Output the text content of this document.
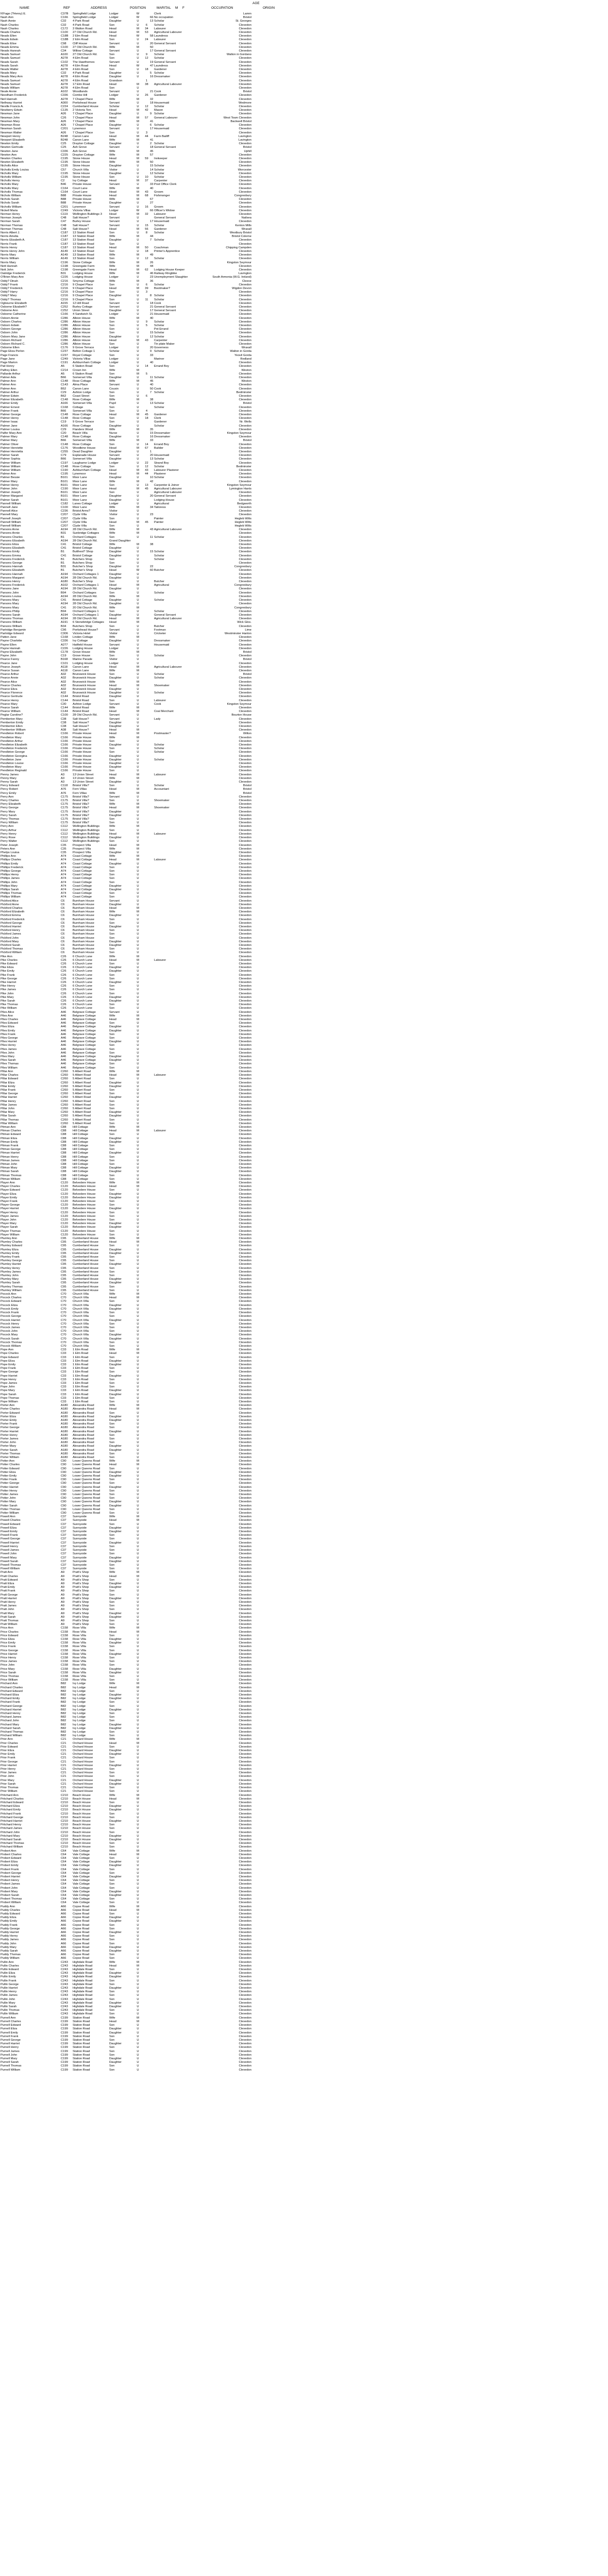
AGE
NAME	REF	ADDRESS	POSITION	MARITAL M F	OCCUPATION	ORIGIN
N'Fage (?Henry) E.	C37B	Springfield Lodge	Lodger	W			Clerk	Lamm	
Nash Ann	C166	Springfield Lodge	Lodger	W		66	No occupation	Bristol	
Nash Annie	C32	4 Park Road	Daughter	U		13	Scholar	St. Georges	
Nash Charles	C32	4 Park Road	Son	U	6		Scholar	Clevedon	
Nash Charles	C172	3 Walton Road	Head	M	34		Labourer	Clevedon	
Neads Charles	C100	27 Old Church Rd.	Head	M	53		Agricultural Labourer	Clevedon	
Neads Ellen	C18B	2 Elm Road	Head	W		58	Laundress	Clevedon	
Neads Edwin	C18B	2 Elm Road	Son	U	24		Labourer	Clevedon	
Neads Elise	C98	Cliff House	Servant	U		20	General Servant	Clevedon	
Neads Emma	C100	27 Old Church Rd.	Wife	M		50		Clevedon	
Neads Hannah	C34	Willow Cottage	Servant	U		17	General Servant	Clevedon	
Neads Samuel	A100	27 Old Church Rd.	Son	U	9		Scholar	Walton in Gordano	
Neads Samuel	A278	4 Elm Road	Son	U	12		Scholar	Clevedon	
Neads Sarah	C102	The Hawthornes	Servant	U		19	General Servant	Clevedon	
Neads Sarah	A278	4 Elm Road	Head	W		47	Laundress	Clevedon	
Neads Walter	A278	4 Elm Road	Son	U	18		Gardener	Clevedon	
Neads Mary	C32	4 Park Road	Daughter	U		5	Scholar	Clevedon	
Neads Mary Ann	A278	4 Elm Road	Daughter	U		16	Dressmaker	Clevedon	
Neads Samuel	A278	4 Elm Road	Grandson		1			Clevedon	
Neads Samuel	A278	17 Elm Road	Head	M	38		Agricultural Labourer	Clevedon	
Neads William	A278	4 Elm Road	Son	U				Clevedon	
Neale Annie	A102	Woodlands	Servant	U		21	Cook	Bristol	
Needham Frederick	C336	Combe Hill	Lodger	U	26		Gardener	Clevedon	
Neil Hannah	A278	7 Chapel Place	Wife	M		32		Clevedon	
Nethway Harriet	A300	Portishead House	Servant	U		18	Housemaid	Wedmore	
Neville Francis A.	C224	Cumberland House	Scholar	U	12		Scholar	Clevedon	
Newberry Edwin	C135	2 Victoria Terr.	Head	M	42		Mason	Clevedon	
Newman Jane	A26	7 Chapel Place	Daughter	U		9	Scholar	Clevedon	
Newman John	C26	7 Chapel Place	Head	M	57		General Labourer	West Town Clevedon	
Newman Mary	A26	7 Chapel Place	Wife	M		41		Backwell Bristol	
Newman Rose	A26	7 Chapel Place	Daughter	U		6	Scholar	Clevedon	
Newman Sarah	C201	Lynemoor	Servant	U		17	Housemaid	Clevedon	
Newman Walter	A26	7 Chapel Place	Son	U	3			Clevedon	
Newport Henry	B248	Canon Lane	Head	M	44		Farm Bailiff	Lavington	
Newport Elisabeth	B248	Canon Lane	Wife	M		41		Lavington	
Newton Emily	C25	Drayton Cottage	Daughter	U		2	Scholar	Clevedon	
Newton Gertrude	C25	Ash Grove	Servant	U		18	General Servant	Bristol	
Newton Jane	C336	Ash Grove	Wife	M		45		Uphill	
Newton Ann	C225	Drayton Cottage	Wife	M		57		Clevedon	
Newton Charles	C195	Stone House	Head	M	59		Innkeeper	Clevedon	
Newton Elizabeth	C195	Stone House	Wife	M		50		Clevedon	
Nicholls Alice	C195	Stone House	Daughter	U		15	Scholar	Clevedon	
Nicholls Emily Louisa	C57	Church Villa	Visitor	U		14	Scholar	Worcester	
Nicholls Mary	C195	Stone House	Daughter	U		12	Scholar	Clevedon	
Nicholls William	C195	Stone House	Son	U	10		Scholar	Clevedon	
Nicholls Henry	C2	Ivy Cottage	Head	M	37		Carpenter	Clevedon	
Nicholls Mary	B46	Private House	Servant	U		33	Post Office Clerk	Clevedon	
Nicholls Mary	C164	Court Lane	Wife	M		40		Clevedon	
Nicholls Thomas	C164	Court Lane	Head	M	43		Groom	Clevedon	
Nichols William	B88	Private House	Head	M	68		Fishmonger	Congresbury	
Nichols Sarah	B88	Private House	Wife	M		67		Clevedon	
Nichols Sarah	B88	Private House	Daughter	U		27		Clevedon	
Nicholls William	C201	Lynemoor	Servant	U	16		Groom	Clevedon	
Nickell Maria	C249	Victoria Villas	Lodger	W		66	Officer's Widow	Clevedon	
Norman Henry	C119	Wellington Buildings 3	Head	M	32		Labourer	Clevedon	
Norman Joseph	C48	Salt House?	Servant	U			General Servant	Nailsea	
Norman Sarah	C47	Burley House	Servant	U		17	Housemaid	Clevedon	
Norman Thomas	C48	Salt House?	Servant	U	15		Scholar	Kenton Mills	
Norman Thomas	C48	Salt House?	Head	M	56		Gardener	Wraxall	
Norris Albert J.	C187	13 Station Road	Son	U	8		Scholar	Westbury Bristol	
Norris Amelia	C187	13 Station Road	Wife	M		44		Bristol Colerne	
Norris Elizabeth A.	C187	13 Station Road	Daughter	U		7	Scholar	Clevedon	
Norris Frank	C187	13 Station Road	Son	U				Clevedon	
Norris Henry	C187	13 Station Road	Head	M	50		Coachman	Chipping Campden	
Norris Henry John	A149	13 Station Road	Son	U	18		Printer's Apprentice	Clevedon	
Norris Mary	A149	13 Station Road	Wife	M		49		Clevedon	
Norris William	A149	13 Station Road	Son	U	12		Scholar	Clevedon	
Norris Mary	C196	Stone Cottage	Wife	M		26		Kingston Seymour	
Nott Hannah	C198	Greengate Farm	Wife	M		44		Clevedon	
Nott John	C198	Greengate Farm	Head	M	62		Lodging House Keeper	Clevedon	
Oatridge Frederick	B31	Lodging House	Wife	M		46	Railway Ringbike	Lavington	
O'Brien Mary Ann	C226	Lodging House	Lodger	U		23	Unemployment Slaughter	South Armenia (W.G. Ireland)	
Oddy? Dinah	C216	Smyrna Cottage	Wife	M		36		Cleeve	
Oddy? Frank	C216	9 Chapel Place	Son	U	6		Scholar	Clevedon	
Oddy? Frederick	C216	9 Chapel Place	Head	M	39		Bootmaker?	Wigdon Devon	
Oddy? Harry	C216	9 Chapel Place	Son	U	3			Clevedon	
Oddy? Mary	C216	9 Chapel Place	Daughter	U		8	Scholar	Clevedon	
Oddy? Thomas	C216	9 Chapel Place	Son	U	11		Scholar	Clevedon	
Ogbourne Elizabeth	A155	12 Hill Road	Servant	U		18	Cook	Clevedon	
Osborne Elizabeth?	C252	Burley Cottage	Servant	U		21	General Servant	Clevedon	
Osborne Ann	C252	Union Street	Daughter	U		17	General Servant	Clevedon	
Osborne Catherine	C166	4 Sandwich St.	Lodger	U		21	Housemaid	Clevedon	
Osborn Annie	C286	Albion House	Wife	M		40		Clevedon	
Osborn Charles	C286	Albion House	Son	U	9		Scholar	Clevedon	
Osborn Edwin	C286	Albion House	Son	U	5		Scholar	Clevedon	
Osborn George	C286	Albion House	Son	U			Pot Errand	Clevedon	
Osborn John	C286	Albion House	Son	U		15	Scholar	Clevedon	
Osborn Mary Jane	C286	Albion House	Daughter	U		12	Scholar	Clevedon	
Osborn Richard	C286	Albion House	Head	M	43		Carpenter	Clevedon	
Osborn Richard C.	C286	Albion House	Son	U			Tin plate Maker	Clevedon	
Osborne Ellen	C176	9 Grove Terrace	Lodger	U		20	Governess	Wraxall	
Page Eliza Perlon	C237	Belton Cottage 1	Scholar	U		9	Scholar	Walton in Gorda	
Page Francis	C237	Royal Cottage	Son	U		33		Yeovil Gorda	
Page Jane	C249	Victoria Villas	Lodger	U			Mariner	Redland	
Page Marion	C191	Ashburnham Cottage	Lodger	U		40		Clevedon	
Pail Henry	A5	6 Station Road	Son	U	14		Errand Boy	Clevedon	
Palfrey Ellen	C214	Crown Inn	Wife	M				Weston	
Pallarde Arthur	A5	6 Station Road	Son	M	5			Clevedon	
Palmer Ada	B66	Somerset Villa	Daughter	U		11	Scholar	Clevedon	
Palmer Ann	C148	Rose Cottage	Wife	M		45		Weston	
Palmer Ann	C143	Alma Place	Servant	U		40		Clevedon	
Palmer Ann	B52	Canon Lane	Cousin	U		50	Cook	Clevedon	
Palmer Arthur	C29	Ashton Lodge	Son	U		7	Scholar	Bedminster	
Palmer Edwin	B62	Coast Street	Son	U	6			Clevedon	
Palmer Elizabeth	C148	Rose Cottage	Wife	M		38		Clevedon	
Palmer Emily	A166	Somerset Villa	Pupil	U		13	Scholar	Bristol	
Palmer Ernest	C168	Cottage	Son	U			Scholar	Clevedon	
Palmer Frank	B66	Somerset Villa	Son	U	4			Clevedon	
Palmer George	C148	Rose Cottage	Head	M	45		Gardener	Clevedon	
Palmer Henry	C148	Rose Cottage	Son	U	18		Clerk	Clevedon	
Palmer Isaac	C19	9 Grove Terrace	Son	U			Gardener	Nr. Wells	
Palmer Jane	A166	Rose Cottage	Daughter	U			Scholar	Clevedon	
Palmer Louisa	C29	Flanders Wood	Wife	M		35		Clevedon	
Palfer Mary Ann	C20	Beach Villa	Nurse	U		15	Dressmaker	Kingston Seymour	
Palmer Mary	C148	Rose Cottage	Daughter	U		16	Dressmaker	Clevedon	
Palmer Mary	B66	Somerset Villa	Wife	M		33		Bristol	
Palmer Oliver	C148	Rose Cottage	Son	U	14		Errand Boy	Clevedon	
Palmer Henriette	C176	Woodbine House	Head	M	67		Builder	Clevedon	
Palmer Henrietta	C255	Dead Daughter	Daughter	U		1		Clevedon	
Palmer Sarah	C79	Esplanade House	Servant	U		20	Housemaid	Clevedon	
Palmer Sophia	B66	Somerset Villa	Daughter	U		13	Scholar	Clevedon	
Palmer William	C197	Laugharne Lodge	Lodger	U	22		Strand Boy	Clevedon	
Palmer William	C148	Rose Cottage	Son	U	12		Scholar	Bedminster	
Palmer William	C190	Ashburnham Cottage	Head	M	43		Labourer Plasterer	Clevedon	
Palmer Ann	C195	Lynemoor	Head	M	44		Plasterer	Clevedon	
Palmer Bessie	B101	Moor Lane	Daughter	U		10	Scholar	Clevedon	
Palmer Mary	B101	Moor Lane	Wife	M		42		Clevedon	
Palmer Henry	B101	Moor Lane	Son	U	13		Carpenter & Joiner	Kingston Seymour	
Palmer John	C190	Moor Lane	Head	M	45		Agricultural Labourer	Lymington Hants	
Palmer Joseph	B101	Moor Lane	Son	U			Agricultural Labourer	Clevedon	
Palmer Margaret	B101	Moor Lane	Daughter	U		20	General Servant	Clevedon	
Palmer Sarah	B101	Moor Lane	Daughter	U			Lodging-House	Clevedon	
Pannell William	C182	Lanes Cottage	Lodger	U			Agricultural	Bedgworth	
Pannell Jane	C100	Moor Lane	Wife	M		34	Tailoress	Clevedon	
Pannell Alice	C236	Bristol Arms?	Visitor	U				Clevedon	
Pannell Mary	C207	Clyde Villa	Visitor	U		23		Clevedon	
Pannell Joseph	C207	Clyde Villa	Son	U			Painter	Hegleb Wilts	
Pannell William	C207	Clyde Villa	Head	M	45		Painter	Hegleb Wilts	
Pannell William	C207	Clyde Villa	Son	U				Hegleb Wilts	
Parsons Anne	A194	28 Old Church Rd.	Wife	M		43	Agricultural Labourer	Clevedon	
Parsons Annie	B31	Sunbridge Cottages	Wife	M				Clevedon	
Parsons Charles	B1	Orchard Cottages	Son	U		11	Scholar	Clevedon	
Parsons Elizabeth	A194	28 Old Church Rd.	Grand Daughter					Clevedon	
Parsons Eliza	C41	Bristol Cottage	Wife	M		38		Clevedon	
Parsons Elizabeth	C41	Bristol Cottage	Daughter	U				Clevedon	
Parsons Emily	B1	Butthest? Shop	Daughter	U		15	Scholar	Clevedon	
Parsons Emma	C41	Bristol Cottage	Daughter	U			Scholar	Clevedon	
Parsons Frederick	B1	Butchers Shop	Son	U			Scholar	Clevedon	
Parsons George	B1	Butchers Shop	Son	U				Clevedon	
Parsons Hannah	B31	Butcher's Shop	Daughter	U		22		Congresbury	
Parsons Elizabeth	B1	Butcher's Shop	Head	W		60	Butcher	Clevedon	
Parsons Hannah	A194	Orchard Cottages 1	Daughter	U				Clevedon	
Parsons Margaret	A194	28 Old Church Rd.	Daughter	U				Clevedon	
Parsons Henry	A180	Butcher's Shop	Son	U			Butcher	Clevedon	
Parsons Frederick	A102	Orchard Cottages 1	Head	M			Agricultural	Congresbury	
Parsons Jane	A194	28 Old Church Rd.	Daughter	U				Clevedon	
Parsons John	B94	Orchard Cottages	Son	U			Scholar	Clevedon	
Parsons Louisa	A194	28 Old Church Rd.	Wife	M				Clevedon	
Parsons Mary	C41	Bristol Cottage	Daughter	U			Scholar	Clevedon	
Parsons Mary	A194	28 Old Church Rd.	Daughter	U				Clevedon	
Parsons Mary	C41	20 Old Church Rd.	Wife	M				Congresbury	
Parsons Philip	B94	Orchard Cottages 1	Son	U			Scholar	Clevedon	
Parsons Sarah	A194	Orchard Cottages 1	Daughter	U			General Servant	Clevedon	
Parsons Thomas	A194	28 Old Church Rd.	Head	M			Agricultural Labourer	Clevedon	
Parsons William	A191	6 Stonebridge Cottages	Head	M				Wick Glos.	
Parsons William	B34	Butchers Shop	Son	U			Butcher	Clevedon	
Partridge Benjamin	C96	Portishead House?	Servant	U			Footman	Lime	
Partridge Edward	C306	Victoria Hotel	Visitor	U			Cricketer	Westminster Hanlon	
Patton Jane	C168	Linden Cottage	Wife	M				Clevedon	
Payne Charlotte	C336	Ivy Cottage	Daughter	U			Dressmaker	Clevedon	
Payne Ellen	A277	Hatfield House	Servant	U			Housemaid	Clevedon	
Payne Hannah	C226	Lodging House	Lodger	U				Clevedon	
Payne Elizabeth	C178	Grove House	Wife	M				Bristol	
Payne John	C19	Grove House	Son	U			Scholar	Clevedon	
Pearce Fanny	B168	Marine Parade	Visitor	U				Bristol	
Pearce Jane	C101	Lodging House	Lodger	U				Clevedon	
Pearce Joseph	A118	Canon Lane	Head	M			Agricultural Labourer	Clevedon	
Pearce Susan	A118	Canon Lane	Wife	M				Clevedon	
Pearce Arthur	A32	Brunswick House	Son	U			Scholar	Bristol	
Pearce Annie	A32	Brunswick House	Daughter	U			Scholar	Clevedon	
Pearce Alice	A32	Brunswick House	Wife	M				Clevedon	
Pearce Charles	A32	Brunswick House	Head	M			Shoemaker	Clevedon	
Pearce Eliza	A32	Brunswick House	Daughter	U				Clevedon	
Pearce Florence	A32	Brunswick House	Daughter	U			Scholar	Clevedon	
Pearce Gertrude	C144	Bristol Road	Daughter	U				Clevedon	
Pearce Henry	C144	Bristol Road	Son	U			Labourer	Clevedon	
Pearce Mary	C30	Ashton Lodge	Servant	U			Cook	Kingston Seymour	
Pearce Sarah	C144	Bristol Road	Wife	M				Clevedon	
Pearce William	C144	Bristol Road	Head	M			Coal Merchant	Clevedon	
Peglar Caroline?	C100	28 Old Church Rd.	Servant	U				Bourton House	
Pemberton Mary	C38	Salt House?	Servant	U			Lady	Clevedon	
Pemberton Emily	C38	Salt House?	Daughter	U				Clevedon	
Pemberton Ellen	C38	Salt House?	Daughter	U				Clevedon	
Pemberton William	A38	Salt House?	Head	M				Clevedon	
Pendleton Robert	C166	Private House	Head	M			Postmaster?	Wilton	
Pendleton Mary	C166	Private House	Wife	M				Clevedon	
Pendleton Arthur	C166	Private House	Son	U				Clevedon	
Pendleton Elizabeth	C166	Private House	Daughter	U			Scholar	Clevedon	
Pendleton Frederick	C166	Private House	Son	U			Scholar	Clevedon	
Pendleton George	C166	Private House	Son	U			Scholar	Clevedon	
Pendleton Georgina	C166	Private House	Daughter	U				Clevedon	
Pendleton Jane	C166	Private House	Daughter	U			Scholar	Clevedon	
Pendleton Louise	C166	Private House	Daughter	U				Clevedon	
Pendleton Mary	C166	Private House	Daughter	U				Clevedon	
Pendleton Reginald	C166	Private House	Son	U				Clevedon	
Penny James	A3	13 Union Street	Head	M			Labourer	Clevedon	
Penny Mary	A3	13 Union Street	Wife	M				Clevedon	
Penny Sarah	A3	13 Union Street	Daughter	U				Clevedon	
Percy Edward	C118	Bristol Villa?	Son	U			Scholar	Bristol	
Percy Robert	A76	Fern Villas	Head	M			Accountant	Bristol	
Percy Emily	A76	Fern Villas	Wife	M				Bristol	
Perry Ann	C175	Bristol Villa?	Servant	U				Clevedon	
Perry Charles	C175	Bristol Villa?	Son	U			Shoemaker	Clevedon	
Perry Elizabeth	C175	Bristol Villa?	Wife	M				Clevedon	
Perry George	C175	Bristol Villa?	Head	M			Shoemaker	Clevedon	
Perry Mary	C175	Bristol Villa?	Daughter	U				Clevedon	
Perry Sarah	C175	Bristol Villa?	Daughter	U				Clevedon	
Perry Thomas	C175	Bristol Villa?	Son	U				Clevedon	
Perry William	C175	Bristol Villa?	Son	U				Clevedon	
Perry Ann	C112	Wellington Buildings	Wife	M				Clevedon	
Perry Arthur	C112	Wellington Buildings	Son	U				Clevedon	
Perry Henry	C112	Wellington Buildings	Head	M			Labourer	Clevedon	
Perry Rose	C112	Wellington Buildings	Daughter	U				Clevedon	
Perry Walter	C112	Wellington Buildings	Son	U				Clevedon	
Peter Joseph	C35	Prospect Villa	Head	M				Clevedon	
Peters Ann	C35	Prospect Villa	Wife	M				Clevedon	
Phelps Louisa	C35	Prospect Villa	Daughter	U				Clevedon	
Phillips Ann	A74	Coast Cottage	Wife	M				Clevedon	
Phillips Charles	A74	Coast Cottage	Head	M			Labourer	Clevedon	
Phillips Emily	A74	Coast Cottage	Daughter	U				Clevedon	
Phillips Frederick	A74	Coast Cottage	Son	U				Clevedon	
Phillips George	A74	Coast Cottage	Son	U				Clevedon	
Phillips Henry	A74	Coast Cottage	Son	U				Clevedon	
Phillips James	A74	Coast Cottage	Son	U				Clevedon	
Phillips John	A74	Coast Cottage	Son	U				Clevedon	
Phillips Mary	A74	Coast Cottage	Daughter	U				Clevedon	
Phillips Sarah	A74	Coast Cottage	Daughter	U				Clevedon	
Phillips Thomas	A74	Coast Cottage	Son	U				Clevedon	
Phillips William	A74	Coast Cottage	Son	U				Clevedon	
Pickford Alice	C6	Burnham House	Servant	U				Clevedon	
Pickford Anne	C6	Burnham House	Daughter	U				Clevedon	
Pickford Charles	C6	Burnham House	Head	M				Clevedon	
Pickford Elizabeth	C6	Burnham House	Wife	M				Clevedon	
Pickford Emma	C6	Burnham House	Daughter	U				Clevedon	
Pickford Frederick	C6	Burnham House	Son	U				Clevedon	
Pickford George	C6	Burnham House	Son	U				Clevedon	
Pickford Harriet	C6	Burnham House	Daughter	U				Clevedon	
Pickford Henry	C6	Burnham House	Son	U				Clevedon	
Pickford James	C6	Burnham House	Son	U				Clevedon	
Pickford John	C6	Burnham House	Son	U				Clevedon	
Pickford Mary	C6	Burnham House	Daughter	U				Clevedon	
Pickford Sarah	C6	Burnham House	Daughter	U				Clevedon	
Pickford Thomas	C6	Burnham House	Son	U				Clevedon	
Pickford William	C6	Burnham House	Son	U				Clevedon	
Pike Ann	C26	6 Church Lane	Wife	M				Clevedon	
Pike Charles	C26	6 Church Lane	Head	M			Labourer	Clevedon	
Pike Edward	C26	6 Church Lane	Son	U				Clevedon	
Pike Eliza	C26	6 Church Lane	Daughter	U				Clevedon	
Pike Emily	C26	6 Church Lane	Daughter	U				Clevedon	
Pike Frank	C26	6 Church Lane	Son	U				Clevedon	
Pike George	C26	6 Church Lane	Son	U				Clevedon	
Pike Harriet	C26	6 Church Lane	Daughter	U				Clevedon	
Pike Henry	C26	6 Church Lane	Son	U				Clevedon	
Pike James	C26	6 Church Lane	Son	U				Clevedon	
Pike John	C26	6 Church Lane	Son	U				Clevedon	
Pike Mary	C26	6 Church Lane	Daughter	U				Clevedon	
Pike Sarah	C26	6 Church Lane	Daughter	U				Clevedon	
Pike Thomas	C26	6 Church Lane	Son	U				Clevedon	
Pike William	C26	6 Church Lane	Son	U				Clevedon	
Piles Alice	A46	Belgrave Cottage	Servant	U				Clevedon	
Piles Ann	A46	Belgrave Cottage	Wife	M				Clevedon	
Piles Charles	A46	Belgrave Cottage	Head	M				Clevedon	
Piles Edward	A46	Belgrave Cottage	Son	U				Clevedon	
Piles Eliza	A46	Belgrave Cottage	Daughter	U				Clevedon	
Piles Emily	A46	Belgrave Cottage	Daughter	U				Clevedon	
Piles Frank	A46	Belgrave Cottage	Son	U				Clevedon	
Piles George	A46	Belgrave Cottage	Son	U				Clevedon	
Piles Harriet	A46	Belgrave Cottage	Daughter	U				Clevedon	
Piles Henry	A46	Belgrave Cottage	Son	U				Clevedon	
Piles James	A46	Belgrave Cottage	Son	U				Clevedon	
Piles John	A46	Belgrave Cottage	Son	U				Clevedon	
Piles Mary	A46	Belgrave Cottage	Daughter	U				Clevedon	
Piles Sarah	A46	Belgrave Cottage	Daughter	U				Clevedon	
Piles Thomas	A46	Belgrave Cottage	Son	U				Clevedon	
Piles William	A46	Belgrave Cottage	Son	U				Clevedon	
Pillar Ann	C260	5 Albert Road	Wife	M				Clevedon	
Pillar Charles	C260	5 Albert Road	Head	M			Labourer	Clevedon	
Pillar Edward	C260	5 Albert Road	Son	U				Clevedon	
Pillar Eliza	C260	5 Albert Road	Daughter	U				Clevedon	
Pillar Emily	C260	5 Albert Road	Daughter	U				Clevedon	
Pillar Frank	C260	5 Albert Road	Son	U				Clevedon	
Pillar George	C260	5 Albert Road	Son	U				Clevedon	
Pillar Harriet	C260	5 Albert Road	Daughter	U				Clevedon	
Pillar Henry	C260	5 Albert Road	Son	U				Clevedon	
Pillar James	C260	5 Albert Road	Son	U				Clevedon	
Pillar John	C260	5 Albert Road	Son	U				Clevedon	
Pillar Mary	C260	5 Albert Road	Daughter	U				Clevedon	
Pillar Sarah	C260	5 Albert Road	Daughter	U				Clevedon	
Pillar Thomas	C260	5 Albert Road	Son	U				Clevedon	
Pillar William	C260	5 Albert Road	Son	U				Clevedon	
Pitman Ann	C88	Hill Cottage	Wife	M				Clevedon	
Pitman Charles	C88	Hill Cottage	Head	M			Labourer	Clevedon	
Pitman Edward	C88	Hill Cottage	Son	U				Clevedon	
Pitman Eliza	C88	Hill Cottage	Daughter	U				Clevedon	
Pitman Emily	C88	Hill Cottage	Daughter	U				Clevedon	
Pitman Frank	C88	Hill Cottage	Son	U				Clevedon	
Pitman George	C88	Hill Cottage	Son	U				Clevedon	
Pitman Harriet	C88	Hill Cottage	Daughter	U				Clevedon	
Pitman Henry	C88	Hill Cottage	Son	U				Clevedon	
Pitman James	C88	Hill Cottage	Son	U				Clevedon	
Pitman John	C88	Hill Cottage	Son	U				Clevedon	
Pitman Mary	C88	Hill Cottage	Daughter	U				Clevedon	
Pitman Sarah	C88	Hill Cottage	Daughter	U				Clevedon	
Pitman Thomas	C88	Hill Cottage	Son	U				Clevedon	
Pitman William	C88	Hill Cottage	Son	U				Clevedon	
Player Ann	C120	Belvedere House	Wife	M				Clevedon	
Player Charles	C120	Belvedere House	Head	M				Clevedon	
Player Edward	C120	Belvedere House	Son	U				Clevedon	
Player Eliza	C120	Belvedere House	Daughter	U				Clevedon	
Player Emily	C120	Belvedere House	Daughter	U				Clevedon	
Player Frank	C120	Belvedere House	Son	U				Clevedon	
Player George	C120	Belvedere House	Son	U				Clevedon	
Player Harriet	C120	Belvedere House	Daughter	U				Clevedon	
Player Henry	C120	Belvedere House	Son	U				Clevedon	
Player James	C120	Belvedere House	Son	U				Clevedon	
Player John	C120	Belvedere House	Son	U				Clevedon	
Player Mary	C120	Belvedere House	Daughter	U				Clevedon	
Player Sarah	C120	Belvedere House	Daughter	U				Clevedon	
Player Thomas	C120	Belvedere House	Son	U				Clevedon	
Player William	C120	Belvedere House	Son	U				Clevedon	
Plumley Ann	C95	Cumberland House	Wife	M				Clevedon	
Plumley Charles	C95	Cumberland House	Head	M				Clevedon	
Plumley Edward	C95	Cumberland House	Son	U				Clevedon	
Plumley Eliza	C95	Cumberland House	Daughter	U				Clevedon	
Plumley Emily	C95	Cumberland House	Daughter	U				Clevedon	
Plumley Frank	C95	Cumberland House	Son	U				Clevedon	
Plumley George	C95	Cumberland House	Son	U				Clevedon	
Plumley Harriet	C95	Cumberland House	Daughter	U				Clevedon	
Plumley Henry	C95	Cumberland House	Son	U				Clevedon	
Plumley James	C95	Cumberland House	Son	U				Clevedon	
Plumley John	C95	Cumberland House	Son	U				Clevedon	
Plumley Mary	C95	Cumberland House	Daughter	U				Clevedon	
Plumley Sarah	C95	Cumberland House	Daughter	U				Clevedon	
Plumley Thomas	C95	Cumberland House	Son	U				Clevedon	
Plumley William	C95	Cumberland House	Son	U				Clevedon	
Pocock Ann	C70	Church Villa	Wife	M				Clevedon	
Pocock Charles	C70	Church Villa	Head	M				Clevedon	
Pocock Edward	C70	Church Villa	Son	U				Clevedon	
Pocock Eliza	C70	Church Villa	Daughter	U				Clevedon	
Pocock Emily	C70	Church Villa	Daughter	U				Clevedon	
Pocock Frank	C70	Church Villa	Son	U				Clevedon	
Pocock George	C70	Church Villa	Son	U				Clevedon	
Pocock Harriet	C70	Church Villa	Daughter	U				Clevedon	
Pocock Henry	C70	Church Villa	Son	U				Clevedon	
Pocock James	C70	Church Villa	Son	U				Clevedon	
Pocock John	C70	Church Villa	Son	U				Clevedon	
Pocock Mary	C70	Church Villa	Daughter	U				Clevedon	
Pocock Sarah	C70	Church Villa	Daughter	U				Clevedon	
Pocock Thomas	C70	Church Villa	Son	U				Clevedon	
Pocock William	C70	Church Villa	Son	U				Clevedon	
Pope Ann	C33	1 Elm Road	Wife	M				Clevedon	
Pope Charles	C33	1 Elm Road	Head	M				Clevedon	
Pope Edward	C33	1 Elm Road	Son	U				Clevedon	
Pope Eliza	C33	1 Elm Road	Daughter	U				Clevedon	
Pope Emily	C33	1 Elm Road	Daughter	U				Clevedon	
Pope Frank	C33	1 Elm Road	Son	U				Clevedon	
Pope George	C33	1 Elm Road	Son	U				Clevedon	
Pope Harriet	C33	1 Elm Road	Daughter	U				Clevedon	
Pope Henry	C33	1 Elm Road	Son	U				Clevedon	
Pope James	C33	1 Elm Road	Son	U				Clevedon	
Pope John	C33	1 Elm Road	Son	U				Clevedon	
Pope Mary	C33	1 Elm Road	Daughter	U				Clevedon	
Pope Sarah	C33	1 Elm Road	Daughter	U				Clevedon	
Pope Thomas	C33	1 Elm Road	Son	U				Clevedon	
Pope William	C33	1 Elm Road	Son	U				Clevedon	
Porter Ann	A180	Alexandra Road	Wife	M				Clevedon	
Porter Charles	A180	Alexandra Road	Head	M				Clevedon	
Porter Edward	A180	Alexandra Road	Son	U				Clevedon	
Porter Eliza	A180	Alexandra Road	Daughter	U				Clevedon	
Porter Emily	A180	Alexandra Road	Daughter	U				Clevedon	
Porter Frank	A180	Alexandra Road	Son	U				Clevedon	
Porter George	A180	Alexandra Road	Son	U				Clevedon	
Porter Harriet	A180	Alexandra Road	Daughter	U				Clevedon	
Porter Henry	A180	Alexandra Road	Son	U				Clevedon	
Porter James	A180	Alexandra Road	Son	U				Clevedon	
Porter John	A180	Alexandra Road	Son	U				Clevedon	
Porter Mary	A180	Alexandra Road	Daughter	U				Clevedon	
Porter Sarah	A180	Alexandra Road	Daughter	U				Clevedon	
Porter Thomas	A180	Alexandra Road	Son	U				Clevedon	
Porter William	A180	Alexandra Road	Son	U				Clevedon	
Potter Ann	C90	Lower Queens Road	Wife	M				Clevedon	
Potter Charles	C90	Lower Queens Road	Head	M				Clevedon	
Potter Edward	C90	Lower Queens Road	Son	U				Clevedon	
Potter Eliza	C90	Lower Queens Road	Daughter	U				Clevedon	
Potter Emily	C90	Lower Queens Road	Daughter	U				Clevedon	
Potter Frank	C90	Lower Queens Road	Son	U				Clevedon	
Potter George	C90	Lower Queens Road	Son	U				Clevedon	
Potter Harriet	C90	Lower Queens Road	Daughter	U				Clevedon	
Potter Henry	C90	Lower Queens Road	Son	U				Clevedon	
Potter James	C90	Lower Queens Road	Son	U				Clevedon	
Potter John	C90	Lower Queens Road	Son	U				Clevedon	
Potter Mary	C90	Lower Queens Road	Daughter	U				Clevedon	
Potter Sarah	C90	Lower Queens Road	Daughter	U				Clevedon	
Potter Thomas	C90	Lower Queens Road	Son	U				Clevedon	
Potter William	C90	Lower Queens Road	Son	U				Clevedon	
Powell Ann	C37	Sunnyside	Wife	M				Clevedon	
Powell Charles	C37	Sunnyside	Head	M				Clevedon	
Powell Edward	C37	Sunnyside	Son	U				Clevedon	
Powell Eliza	C37	Sunnyside	Daughter	U				Clevedon	
Powell Emily	C37	Sunnyside	Daughter	U				Clevedon	
Powell Frank	C37	Sunnyside	Son	U				Clevedon	
Powell George	C37	Sunnyside	Son	U				Clevedon	
Powell Harriet	C37	Sunnyside	Daughter	U				Clevedon	
Powell Henry	C37	Sunnyside	Son	U				Clevedon	
Powell James	C37	Sunnyside	Son	U				Clevedon	
Powell John	C37	Sunnyside	Son	U				Clevedon	
Powell Mary	C37	Sunnyside	Daughter	U				Clevedon	
Powell Sarah	C37	Sunnyside	Daughter	U				Clevedon	
Powell Thomas	C37	Sunnyside	Son	U				Clevedon	
Powell William	C37	Sunnyside	Son	U				Clevedon	
Pratt Ann	A9	Pratt's Shop	Wife	M				Clevedon	
Pratt Charles	A9	Pratt's Shop	Head	M				Clevedon	
Pratt Edward	A9	Pratt's Shop	Son	U				Clevedon	
Pratt Eliza	A9	Pratt's Shop	Daughter	U				Clevedon	
Pratt Emily	A9	Pratt's Shop	Daughter	U				Clevedon	
Pratt Frank	A9	Pratt's Shop	Son	U				Clevedon	
Pratt George	A9	Pratt's Shop	Son	U				Clevedon	
Pratt Harriet	A9	Pratt's Shop	Daughter	U				Clevedon	
Pratt Henry	A9	Pratt's Shop	Son	U				Clevedon	
Pratt James	A9	Pratt's Shop	Son	U				Clevedon	
Pratt John	A9	Pratt's Shop	Son	U				Clevedon	
Pratt Mary	A9	Pratt's Shop	Daughter	U				Clevedon	
Pratt Sarah	A9	Pratt's Shop	Daughter	U				Clevedon	
Pratt Thomas	A9	Pratt's Shop	Son	U				Clevedon	
Pratt William	A9	Pratt's Shop	Son	U				Clevedon	
Price Ann	C158	Rose Villa	Wife	M				Clevedon	
Price Charles	C158	Rose Villa	Head	M				Clevedon	
Price Edward	C158	Rose Villa	Son	U				Clevedon	
Price Eliza	C158	Rose Villa	Daughter	U				Clevedon	
Price Emily	C158	Rose Villa	Daughter	U				Clevedon	
Price Frank	C158	Rose Villa	Son	U				Clevedon	
Price George	C158	Rose Villa	Son	U				Clevedon	
Price Harriet	C158	Rose Villa	Daughter	U				Clevedon	
Price Henry	C158	Rose Villa	Son	U				Clevedon	
Price James	C158	Rose Villa	Son	U				Clevedon	
Price John	C158	Rose Villa	Son	U				Clevedon	
Price Mary	C158	Rose Villa	Daughter	U				Clevedon	
Price Sarah	C158	Rose Villa	Daughter	U				Clevedon	
Price Thomas	C158	Rose Villa	Son	U				Clevedon	
Price William	C158	Rose Villa	Son	U				Clevedon	
Prichard Ann	B82	Ivy Lodge	Wife	M				Clevedon	
Prichard Charles	B82	Ivy Lodge	Head	M				Clevedon	
Prichard Edward	B82	Ivy Lodge	Son	U				Clevedon	
Prichard Eliza	B82	Ivy Lodge	Daughter	U				Clevedon	
Prichard Emily	B82	Ivy Lodge	Daughter	U				Clevedon	
Prichard Frank	B82	Ivy Lodge	Son	U				Clevedon	
Prichard George	B82	Ivy Lodge	Son	U				Clevedon	
Prichard Harriet	B82	Ivy Lodge	Daughter	U				Clevedon	
Prichard Henry	B82	Ivy Lodge	Son	U				Clevedon	
Prichard James	B82	Ivy Lodge	Son	U				Clevedon	
Prichard John	B82	Ivy Lodge	Son	U				Clevedon	
Prichard Mary	B82	Ivy Lodge	Daughter	U				Clevedon	
Prichard Sarah	B82	Ivy Lodge	Daughter	U				Clevedon	
Prichard Thomas	B82	Ivy Lodge	Son	U				Clevedon	
Prichard William	B82	Ivy Lodge	Son	U				Clevedon	
Prior Ann	C21	Orchard House	Wife	M				Clevedon	
Prior Charles	C21	Orchard House	Head	M				Clevedon	
Prior Edward	C21	Orchard House	Son	U				Clevedon	
Prior Eliza	C21	Orchard House	Daughter	U				Clevedon	
Prior Emily	C21	Orchard House	Daughter	U				Clevedon	
Prior Frank	C21	Orchard House	Son	U				Clevedon	
Prior George	C21	Orchard House	Son	U				Clevedon	
Prior Harriet	C21	Orchard House	Daughter	U				Clevedon	
Prior Henry	C21	Orchard House	Son	U				Clevedon	
Prior James	C21	Orchard House	Son	U				Clevedon	
Prior John	C21	Orchard House	Son	U				Clevedon	
Prior Mary	C21	Orchard House	Daughter	U				Clevedon	
Prior Sarah	C21	Orchard House	Daughter	U				Clevedon	
Prior Thomas	C21	Orchard House	Son	U				Clevedon	
Prior William	C21	Orchard House	Son	U				Clevedon	
Pritchard Ann	C210	Beach House	Wife	M				Clevedon	
Pritchard Charles	C210	Beach House	Head	M				Clevedon	
Pritchard Edward	C210	Beach House	Son	U				Clevedon	
Pritchard Eliza	C210	Beach House	Daughter	U				Clevedon	
Pritchard Emily	C210	Beach House	Daughter	U				Clevedon	
Pritchard Frank	C210	Beach House	Son	U				Clevedon	
Pritchard George	C210	Beach House	Son	U				Clevedon	
Pritchard Harriet	C210	Beach House	Daughter	U				Clevedon	
Pritchard Henry	C210	Beach House	Son	U				Clevedon	
Pritchard James	C210	Beach House	Son	U				Clevedon	
Pritchard John	C210	Beach House	Son	U				Clevedon	
Pritchard Mary	C210	Beach House	Daughter	U				Clevedon	
Pritchard Sarah	C210	Beach House	Daughter	U				Clevedon	
Pritchard Thomas	C210	Beach House	Son	U				Clevedon	
Pritchard William	C210	Beach House	Son	U				Clevedon	
Probert Ann	C64	Vale Cottage	Wife	M				Clevedon	
Probert Charles	C64	Vale Cottage	Head	M				Clevedon	
Probert Edward	C64	Vale Cottage	Son	U				Clevedon	
Probert Eliza	C64	Vale Cottage	Daughter	U				Clevedon	
Probert Emily	C64	Vale Cottage	Daughter	U				Clevedon	
Probert Frank	C64	Vale Cottage	Son	U				Clevedon	
Probert George	C64	Vale Cottage	Son	U				Clevedon	
Probert Harriet	C64	Vale Cottage	Daughter	U				Clevedon	
Probert Henry	C64	Vale Cottage	Son	U				Clevedon	
Probert James	C64	Vale Cottage	Son	U				Clevedon	
Probert John	C64	Vale Cottage	Son	U				Clevedon	
Probert Mary	C64	Vale Cottage	Daughter	U				Clevedon	
Probert Sarah	C64	Vale Cottage	Daughter	U				Clevedon	
Probert Thomas	C64	Vale Cottage	Son	U				Clevedon	
Probert William	C64	Vale Cottage	Son	U				Clevedon	
Puddy Ann	A66	Copse Road	Wife	M				Clevedon	
Puddy Charles	A66	Copse Road	Head	M				Clevedon	
Puddy Edward	A66	Copse Road	Son	U				Clevedon	
Puddy Eliza	A66	Copse Road	Daughter	U				Clevedon	
Puddy Emily	A66	Copse Road	Daughter	U				Clevedon	
Puddy Frank	A66	Copse Road	Son	U				Clevedon	
Puddy George	A66	Copse Road	Son	U				Clevedon	
Puddy Harriet	A66	Copse Road	Daughter	U				Clevedon	
Puddy Henry	A66	Copse Road	Son	U				Clevedon	
Puddy James	A66	Copse Road	Son	U				Clevedon	
Puddy John	A66	Copse Road	Son	U				Clevedon	
Puddy Mary	A66	Copse Road	Daughter	U				Clevedon	
Puddy Sarah	A66	Copse Road	Daughter	U				Clevedon	
Puddy Thomas	A66	Copse Road	Son	U				Clevedon	
Puddy William	A66	Copse Road	Son	U				Clevedon	
Pullin Ann	C243	Highdale Road	Wife	M				Clevedon	
Pullin Charles	C243	Highdale Road	Head	M				Clevedon	
Pullin Edward	C243	Highdale Road	Son	U				Clevedon	
Pullin Eliza	C243	Highdale Road	Daughter	U				Clevedon	
Pullin Emily	C243	Highdale Road	Daughter	U				Clevedon	
Pullin Frank	C243	Highdale Road	Son	U				Clevedon	
Pullin George	C243	Highdale Road	Son	U				Clevedon	
Pullin Harriet	C243	Highdale Road	Daughter	U				Clevedon	
Pullin Henry	C243	Highdale Road	Son	U				Clevedon	
Pullin James	C243	Highdale Road	Son	U				Clevedon	
Pullin John	C243	Highdale Road	Son	U				Clevedon	
Pullin Mary	C243	Highdale Road	Daughter	U				Clevedon	
Pullin Sarah	C243	Highdale Road	Daughter	U				Clevedon	
Pullin Thomas	C243	Highdale Road	Son	U				Clevedon	
Pullin William	C243	Highdale Road	Son	U				Clevedon	
Purnell Ann	C199	Station Road	Wife	M				Clevedon	
Purnell Charles	C199	Station Road	Head	M				Clevedon	
Purnell Edward	C199	Station Road	Son	U				Clevedon	
Purnell Eliza	C199	Station Road	Daughter	U				Clevedon	
Purnell Emily	C199	Station Road	Daughter	U				Clevedon	
Purnell Frank	C199	Station Road	Son	U				Clevedon	
Purnell George	C199	Station Road	Son	U				Clevedon	
Purnell Harriet	C199	Station Road	Daughter	U				Clevedon	
Purnell Henry	C199	Station Road	Son	U				Clevedon	
Purnell James	C199	Station Road	Son	U				Clevedon	
Purnell John	C199	Station Road	Son	U				Clevedon	
Purnell Mary	C199	Station Road	Daughter	U				Clevedon	
Purnell Sarah	C199	Station Road	Daughter	U				Clevedon	
Purnell Thomas	C199	Station Road	Son	U				Clevedon	
Purnell William	C199	Station Road	Son	U				Clevedon	
